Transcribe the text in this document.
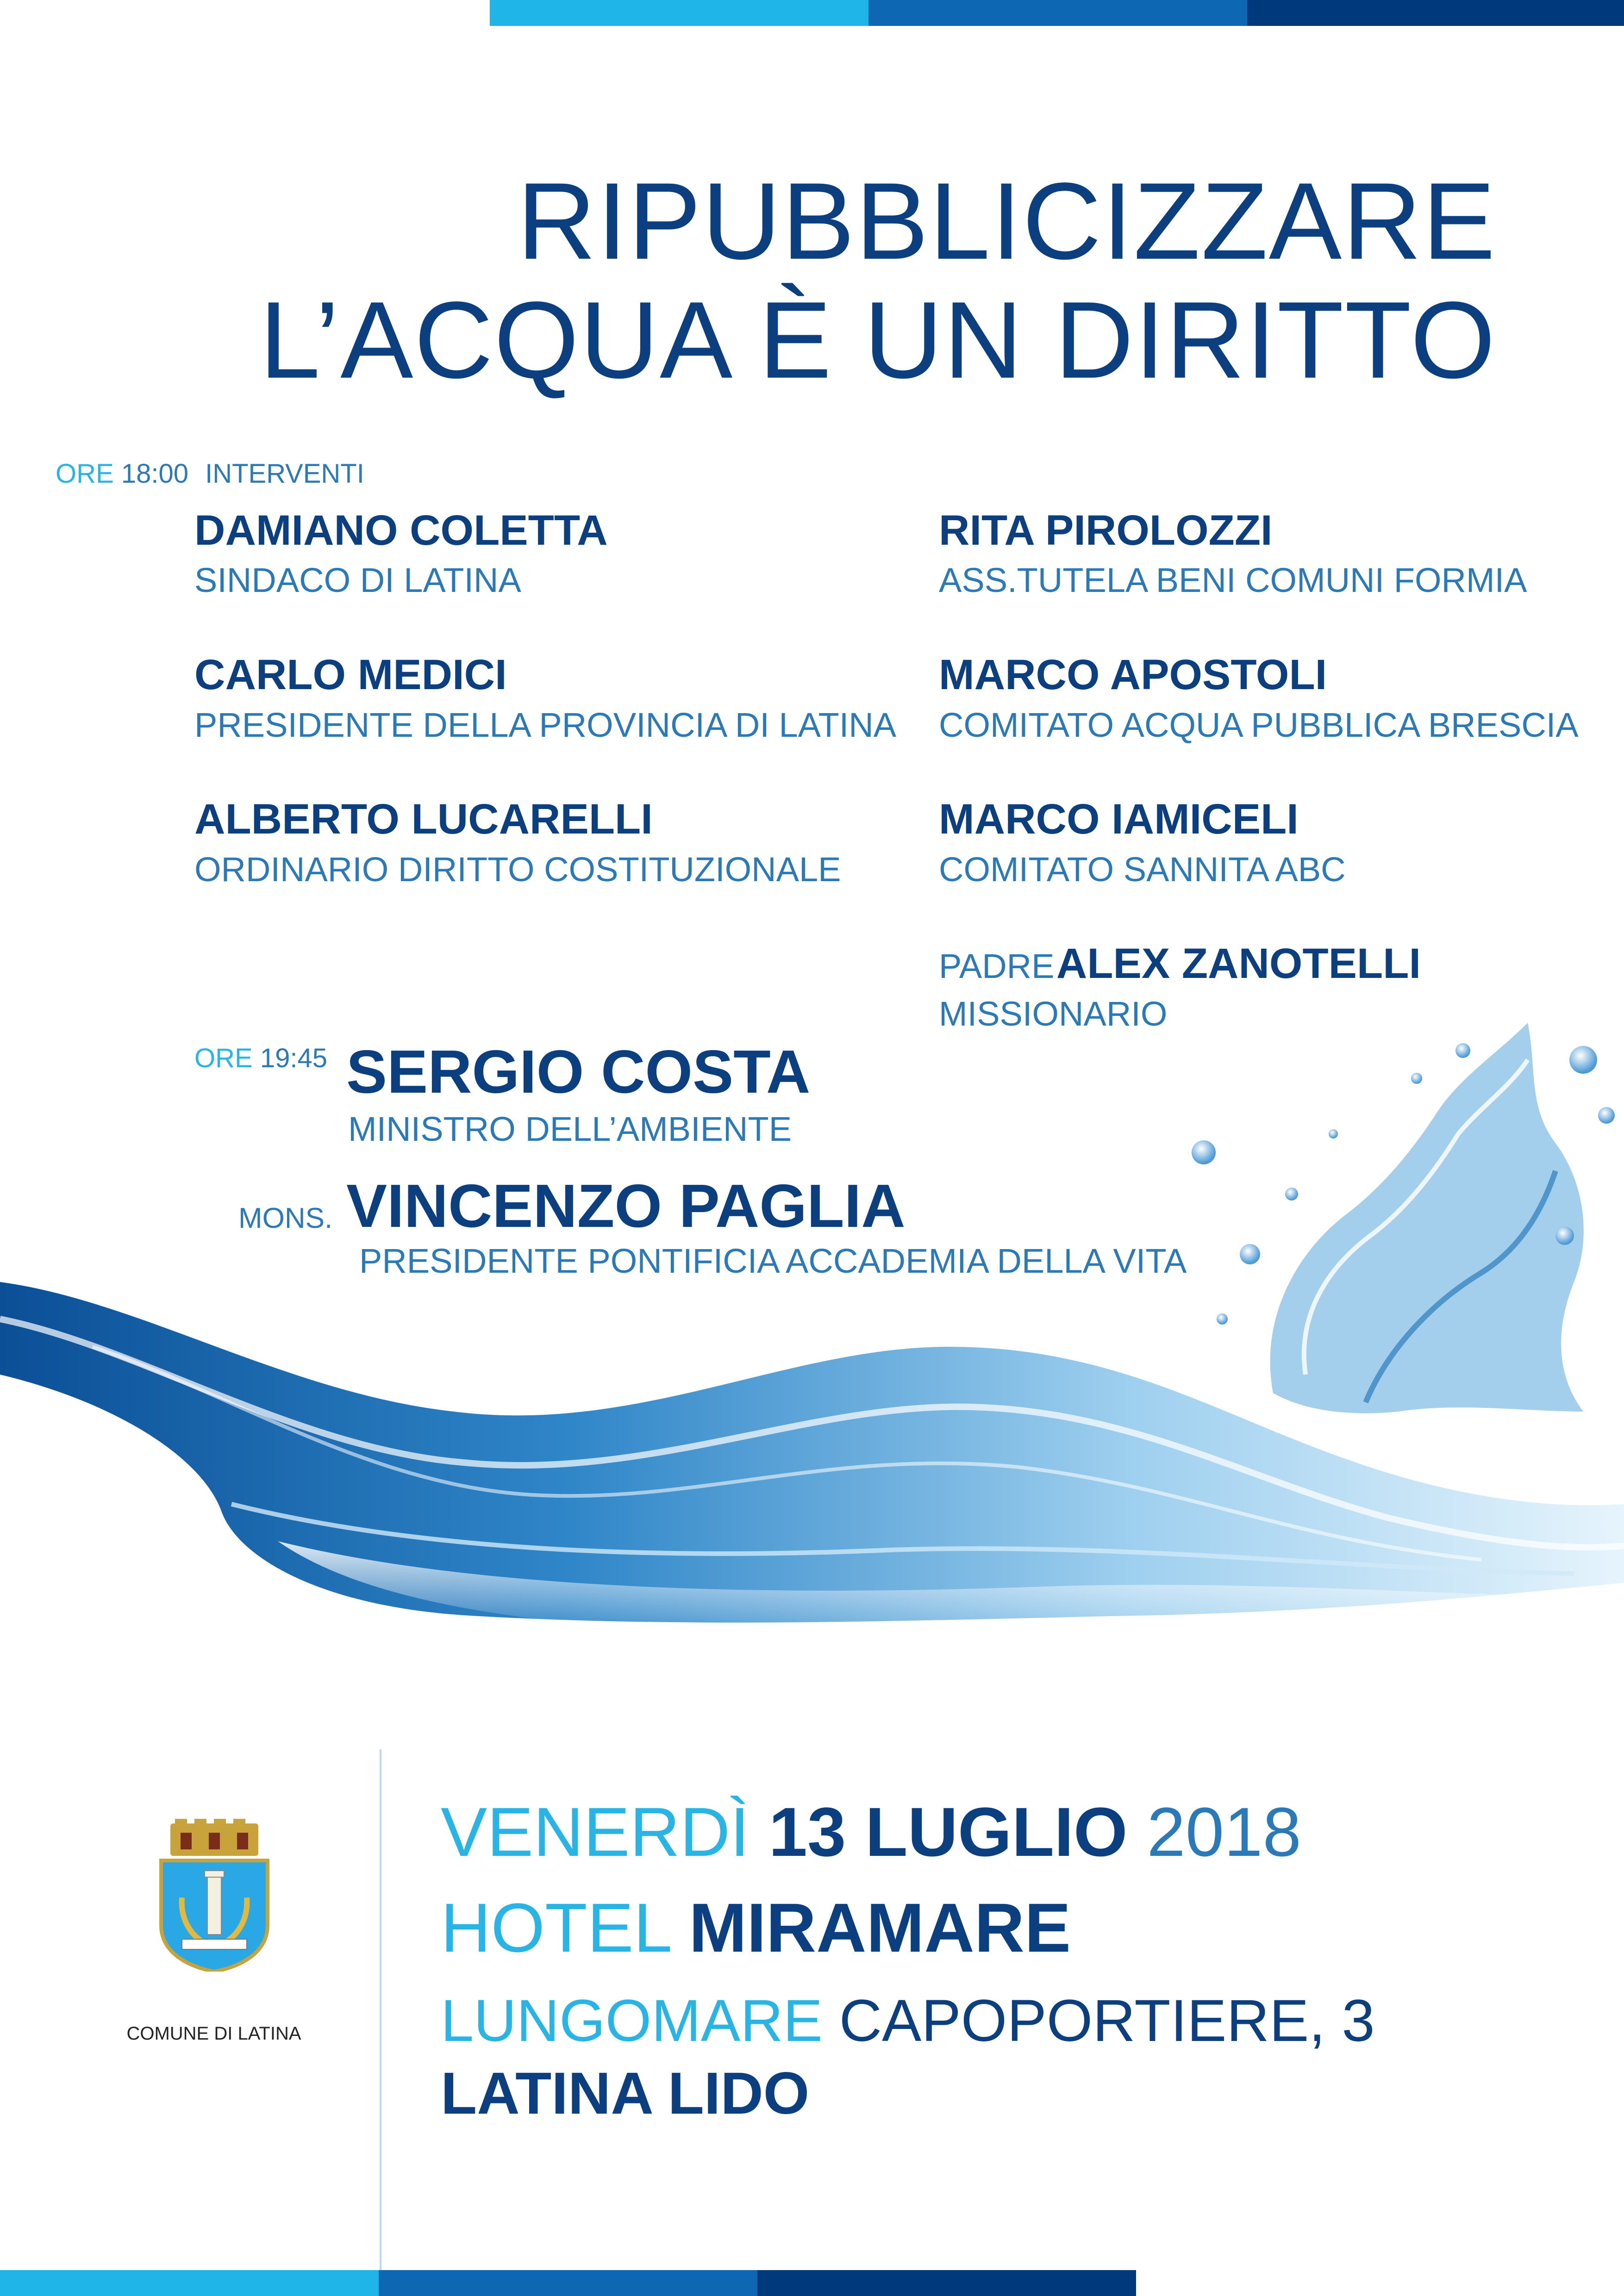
RIPUBBLICIZZARE
L’ACQUA È UN DIRITTO
ORE 18:00 INTERVENTI
DAMIANO COLETTA
SINDACO DI LATINA
CARLO MEDICI
PRESIDENTE DELLA PROVINCIA DI LATINA
ALBERTO LUCARELLI
ORDINARIO DIRITTO COSTITUZIONALE
RITA PIROLOZZI
ASS.TUTELA BENI COMUNI FORMIA
MARCO APOSTOLI
COMITATO ACQUA PUBBLICA BRESCIA
MARCO IAMICELI
COMITATO SANNITA ABC
PADRE ALEX ZANOTELLI
MISSIONARIO
ORE 19:45 SERGIO COSTA
MINISTRO DELL’AMBIENTE
MONS. VINCENZO PAGLIA
PRESIDENTE PONTIFICIA ACCADEMIA DELLA VITA
COMUNE DI LATINA
VENERDÌ 13 LUGLIO 2018
HOTEL MIRAMARE
LUNGOMARE CAPOPORTIERE, 3
LATINA LIDO
